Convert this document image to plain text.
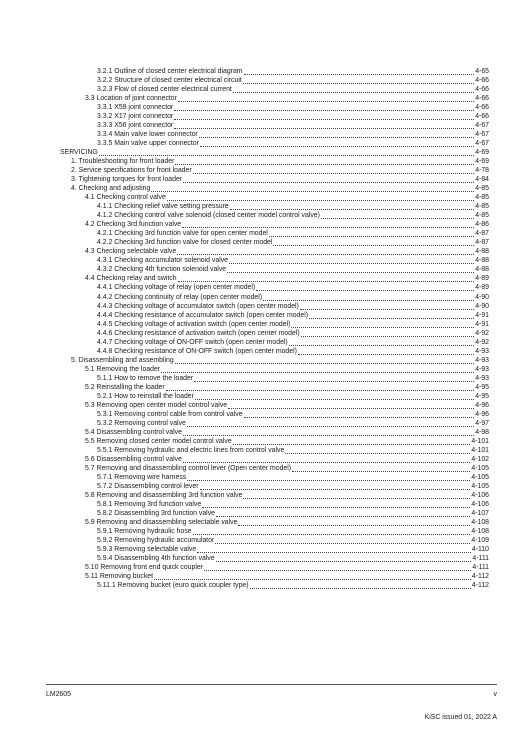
3.2.1 Outline of closed center electrical diagram	4-65
3.2.2 Structure of closed center electrical circuit	4-66
3.2.3 Flow of closed center electrical current	4-66
3.3 Location of joint connector	4-66
3.3.1 X59 joint connector	4-66
3.3.2 X17 joint connector	4-66
3.3.3 X56 joint connector	4-67
3.3.4 Main valve lower connector	4-67
3.3.5 Main valve upper connector	4-67
SERVICING	4-69
1. Troubleshooting for front loader	4-69
2. Service specifications for front loader	4-78
3. Tightening torques for front loader	4-84
4. Checking and adjusting	4-85
4.1 Checking control valve	4-85
4.1.1 Checking relief valve setting pressure	4-85
4.1.2 Checking control valve solenoid (closed center model control valve)	4-85
4.2 Checking 3rd function valve	4-86
4.2.1 Checking 3rd function valve for open center model	4-87
4.2.2 Checking 3rd function valve for closed center model	4-87
4.3 Checking selectable valve	4-88
4.3.1 Checking accumulator solenoid valve	4-88
4.3.2 Checking 4th function solenoid valve	4-88
4.4 Checking relay and switch	4-89
4.4.1 Checking voltage of relay (open center model)	4-89
4.4.2 Checking continuity of relay (open center model)	4-90
4.4.3 Checking voltage of accumulator switch (open center model)	4-90
4.4.4 Checking resistance of accumulator switch (open center model)	4-91
4.4.5 Checking voltage of activation switch (open center model)	4-91
4.4.6 Checking resistance of activation switch (open center model)	4-92
4.4.7 Checking voltage of ON-OFF switch (open center model)	4-92
4.4.8 Checking resistance of ON-OFF switch (open center model)	4-93
5. Disassembling and assembling	4-93
5.1 Removing the loader	4-93
5.1.1 How to remove the loader	4-93
5.2 Reinstalling the loader	4-95
5.2.1 How to reinstall the loader	4-95
5.3 Removing open center model control valve	4-96
5.3.1 Removing control cable from control valve	4-96
5.3.2 Removing control valve	4-97
5.4 Disassembling control valve	4-98
5.5 Removing closed center model control valve	4-101
5.5.1 Removing hydraulic and electric lines from control valve	4-101
5.6 Disassembling control valve	4-102
5.7 Removing and disassembling control lever (Open center model)	4-105
5.7.1 Removing wire harness	4-105
5.7.2 Disassembling control lever	4-105
5.8 Removing and disassembling 3rd function valve	4-106
5.8.1 Removing 3rd function valve	4-106
5.8.2 Disassembling 3rd function valve	4-107
5.9 Removing and disassembling selectable valve	4-108
5.9.1 Removing hydraulic hose	4-108
5.9.2 Removing hydraulic accumulator	4-109
5.9.3 Removing selectable valve	4-110
5.9.4 Disassembling 4th function valve	4-111
5.10 Removing front end quick coupler	4-111
5.11 Removing bucket	4-112
5.11.1 Removing bucket (euro quick coupler type)	4-112
LM2605	v
KiSC issued 01, 2022 A
